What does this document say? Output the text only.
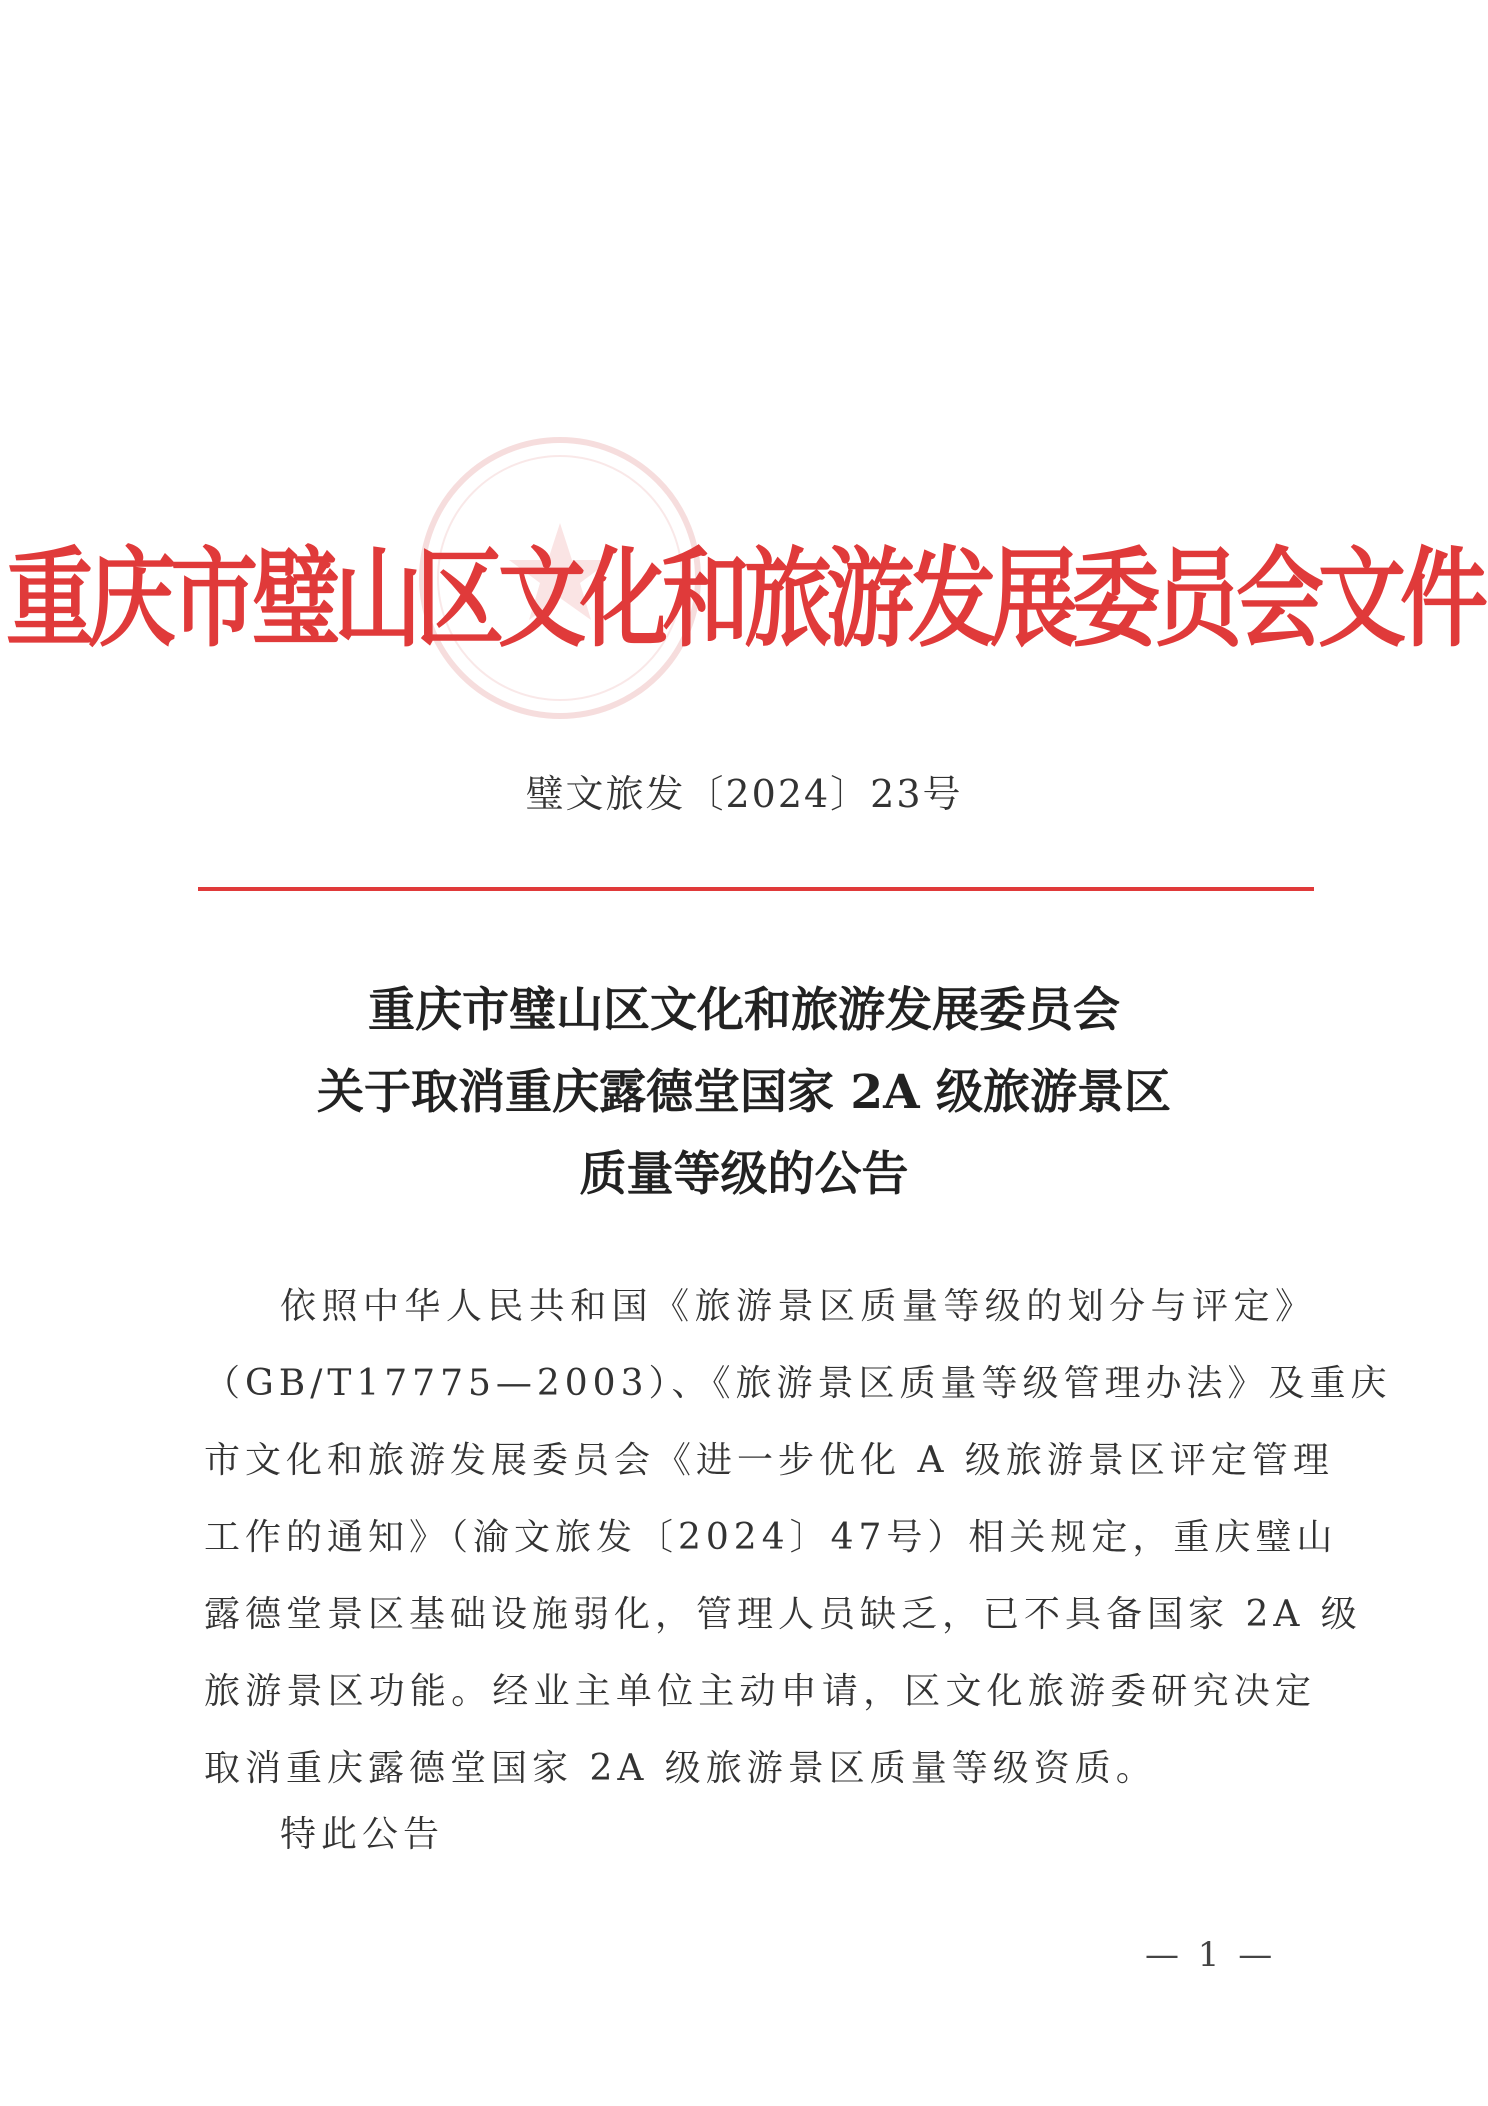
重庆市璧山区文化和旅游发展委员会文件
璧文旅发〔2024〕23号
重庆市璧山区文化和旅游发展委员会
关于取消重庆露德堂国家 2A 级旅游景区
质量等级的公告
依照中华人民共和国《旅游景区质量等级的划分与评定》
（GB/T17775—2003）、《旅游景区质量等级管理办法》及重庆
市文化和旅游发展委员会《进一步优化 A 级旅游景区评定管理
工作的通知》（渝文旅发〔2024〕47号）相关规定，重庆璧山
露德堂景区基础设施弱化，管理人员缺乏，已不具备国家 2A 级
旅游景区功能。经业主单位主动申请，区文化旅游委研究决定
取消重庆露德堂国家 2A 级旅游景区质量等级资质。
特此公告
— 1 —
